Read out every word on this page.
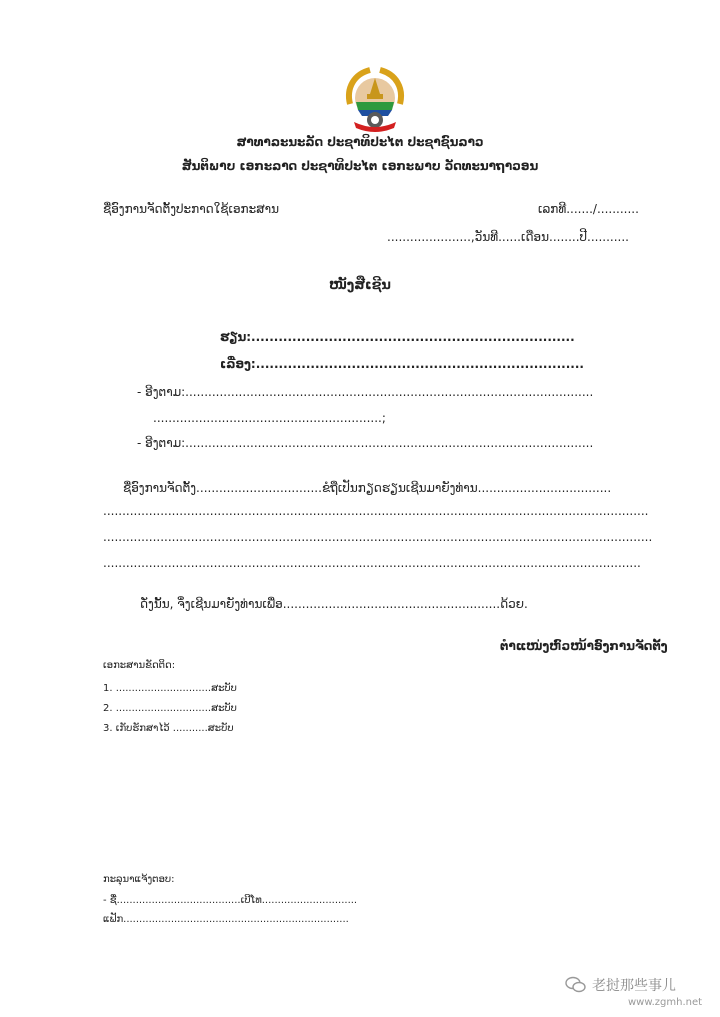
ສາທາລະນະລັດ ປະຊາທິປະໄຕ ປະຊາຊົນລາວ
ສັນຕິພາບ ເອກະລາດ ປະຊາທິປະໄຕ ເອກະພາບ ວັດທະນາຖາວອນ
ຊື່ອົງການຈັດຕັ້ງປະກາດໃຊ້ເອກະສານ	ເລກທີ......./...........
......................,ວັນທີ......ເດືອນ........ປີ...........
ໜັງສືເຊີນ
ຮຽນ:.......................................................................
ເລື່ອງ:........................................................................
- ອີງຕາມ:...........................................................................................................
............................................................;
- ອີງຕາມ:...........................................................................................................
ຊື່ອົງການຈັດຕັ້ງ.................................ຂໍຖືເປັນກຽດຮຽນເຊີນມາຍັງທ່ານ...................................
...............................................................................................................................................
................................................................................................................................................
.............................................................................................................................................
ດັ່ງນັ້ນ, ຈຶ່ງເຊີນມາຍັງທ່ານເພື່ອ.........................................................ດ້ວຍ.
ຕຳແໜ່ງຫົວໜ້າອົງການຈັດຕັ້ງ
ເອກະສານຂັດຕິດ:
1. ..............................ສະບັບ
2. ..............................ສະບັບ
3. ເກັບຮັກສາໄວ້ ...........ສະບັບ
ກະລຸນາແຈ້ງຕອບ:
- ຊື່.......................................ເບີໂທ..............................
ແຟັກ.......................................................................
老挝那些事儿
www.zgmh.net
